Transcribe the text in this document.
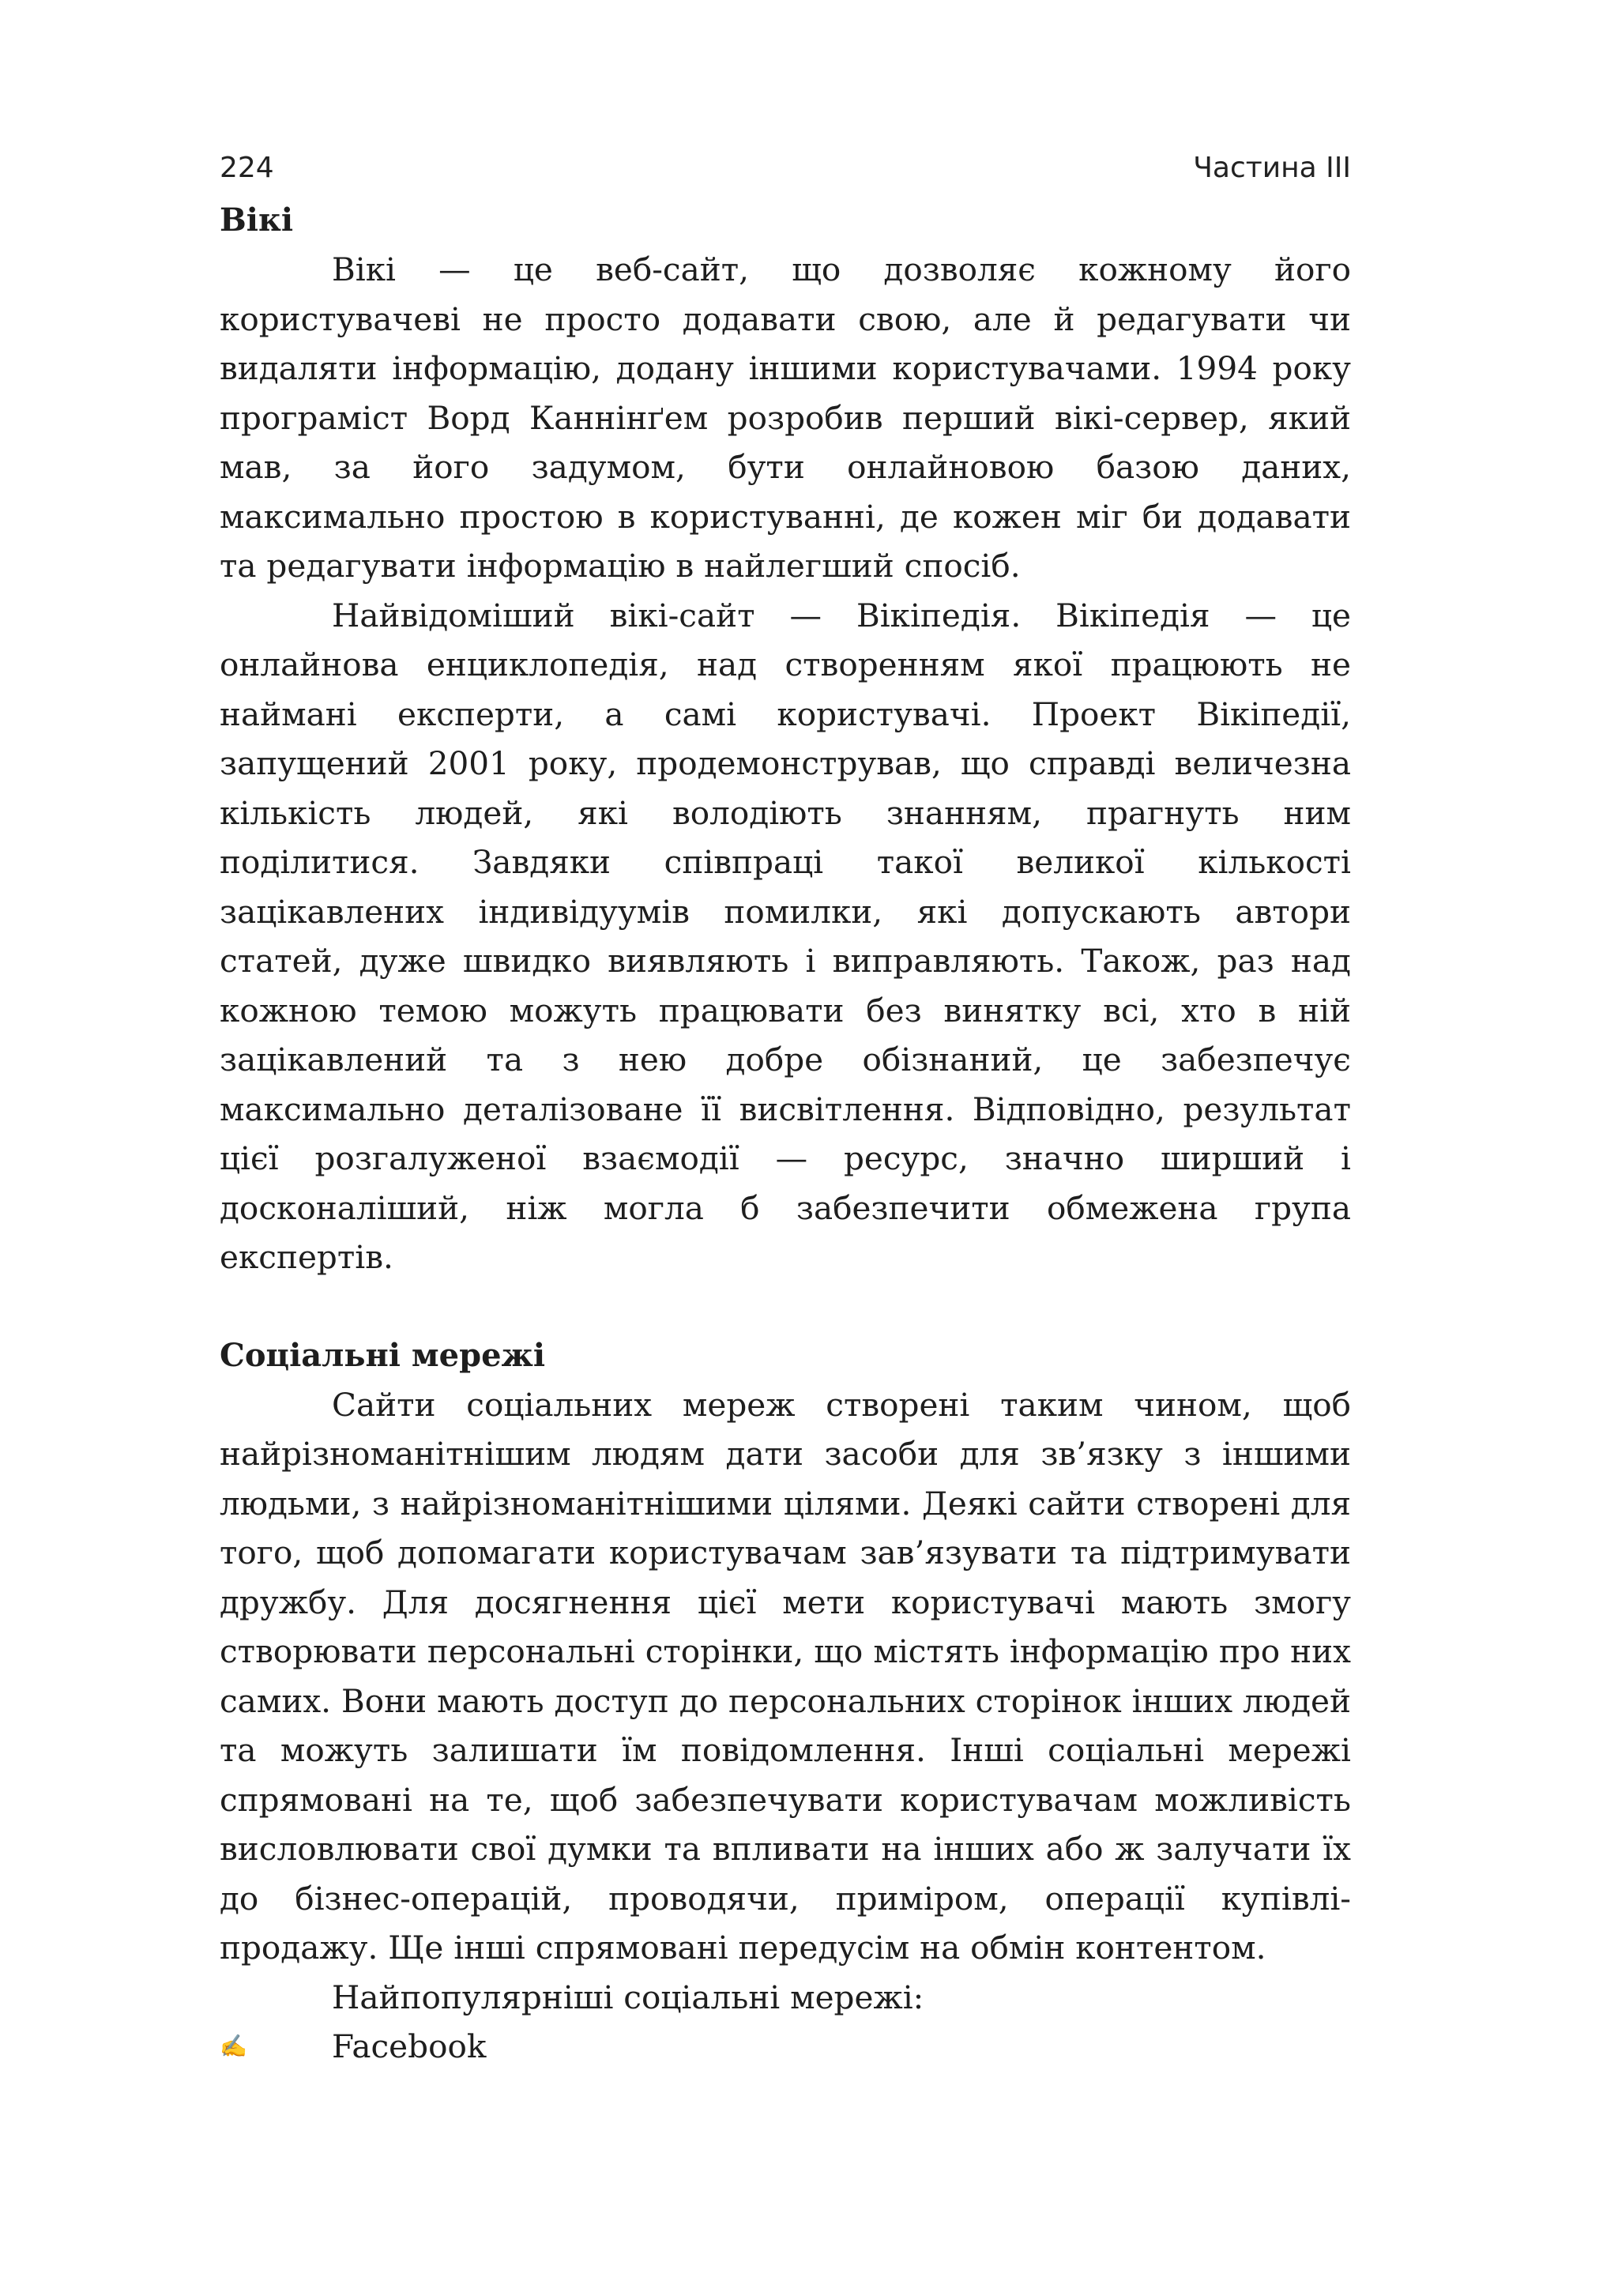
224	Частина III
Вікі

Вікі — це веб-сайт, що дозволяє кожному його користувачеві не просто додавати свою, але й редагувати чи видаляти інформацію, додану іншими користувачами. 1994 року програміст Ворд Каннінґем розробив перший вікі-сервер, який мав, за його задумом, бути онлайновою базою даних, максимально простою в користуванні, де кожен міг би додавати та редагувати інформацію в найлегший спосіб.

Найвідоміший вікі-сайт — Вікіпедія. Вікіпедія — це онлайнова енциклопедія, над створенням якої працюють не наймані експерти, а самі користувачі. Проект Вікіпедії, запущений 2001 року, продемонстрував, що справді величезна кількість людей, які володіють знанням, прагнуть ним поділитися. Завдяки співпраці такої великої кількості зацікавлених індивідуумів помилки, які допускають автори статей, дуже швидко виявляють і виправляють. Також, раз над кожною темою можуть працювати без винятку всі, хто в ній зацікавлений та з нею добре обізнаний, це забезпечує максимально деталізоване її висвітлення. Відповідно, результат цієї розгалуженої взаємодії — ресурс, значно ширший і досконаліший, ніж могла б забезпечити обмежена група експертів.

Соціальні мережі

Сайти соціальних мереж створені таким чином, щоб найрізноманітнішим людям дати засоби для зв’язку з іншими людьми, з найрізноманітнішими цілями. Деякі сайти створені для того, щоб допомагати користувачам зав’язувати та підтримувати дружбу. Для досягнення цієї мети користувачі мають змогу створювати персональні сторінки, що містять інформацію про них самих. Вони мають доступ до персональних сторінок інших людей та можуть залишати їм повідомлення. Інші соціальні мережі спрямовані на те, щоб забезпечувати користувачам можливість висловлювати свої думки та впливати на інших або ж залучати їх до бізнес-операцій, проводячи, приміром, операції купівлі-продажу. Ще інші спрямовані передусім на обмін контентом.

Найпопулярніші соціальні мережі:

✍	Facebook
